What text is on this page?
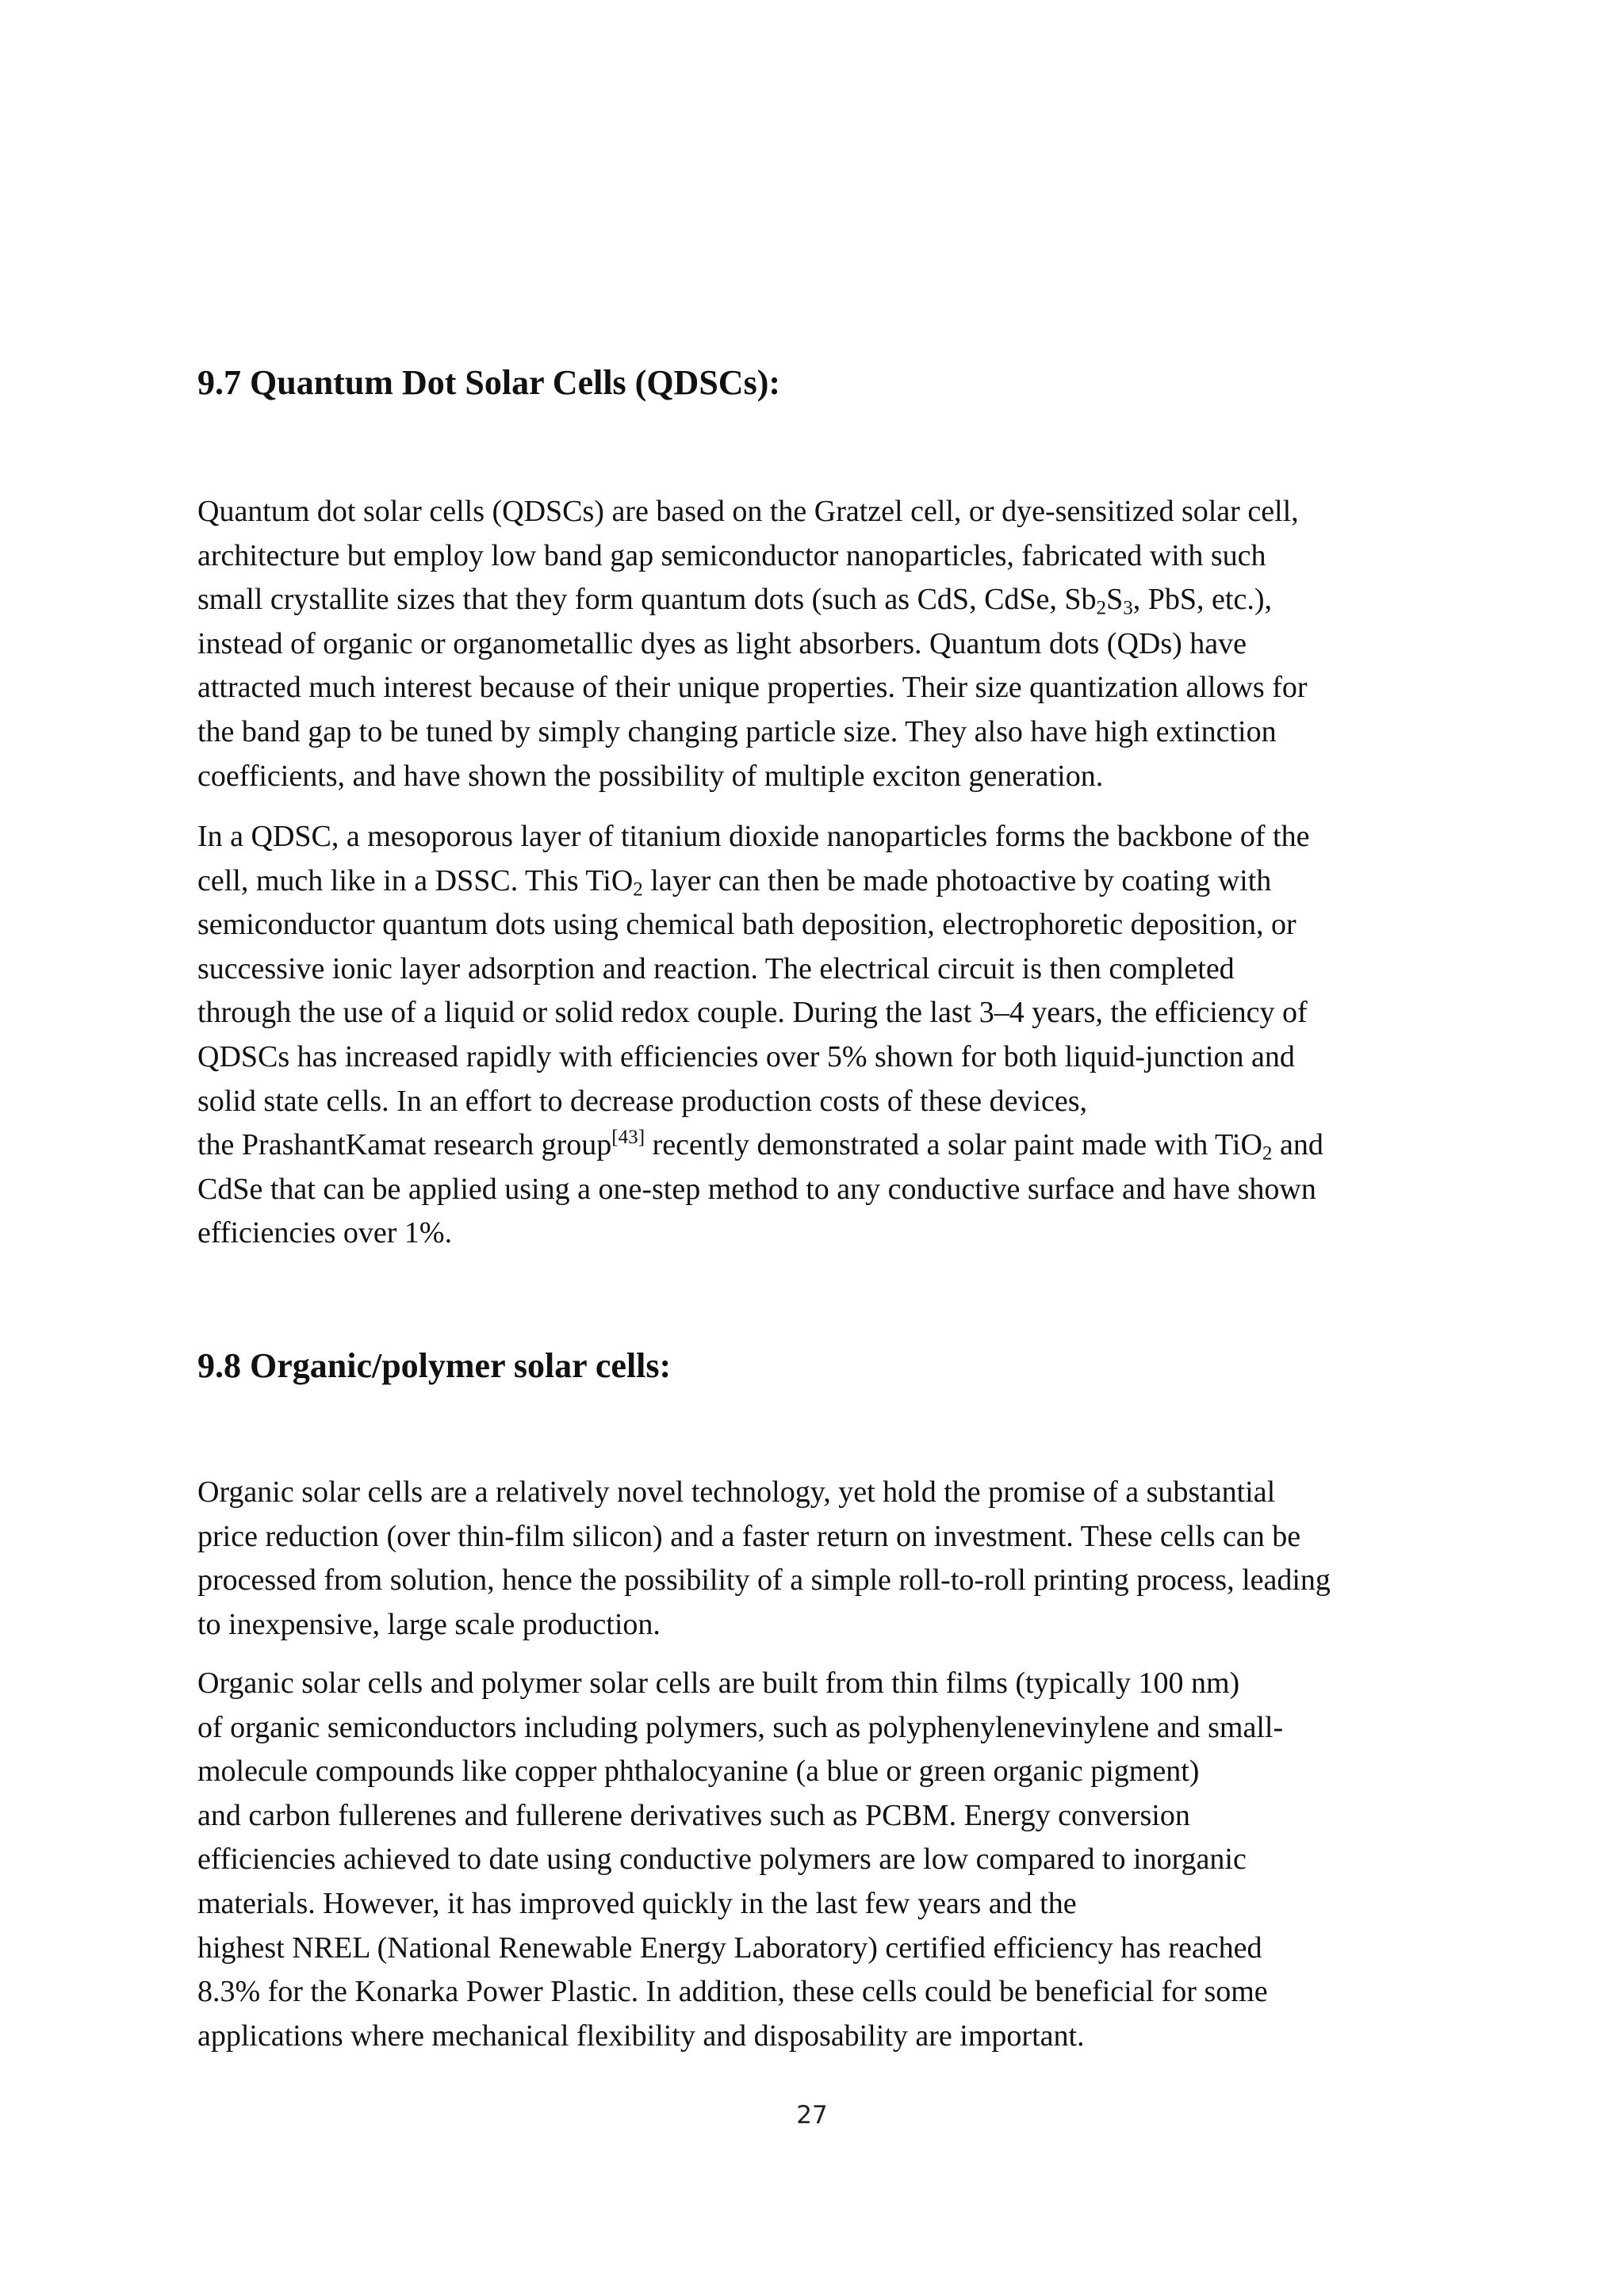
9.7 Quantum Dot Solar Cells (QDSCs):

Quantum dot solar cells (QDSCs) are based on the Gratzel cell, or dye-sensitized solar cell,
architecture but employ low band gap semiconductor nanoparticles, fabricated with such
small crystallite sizes that they form quantum dots (such as CdS, CdSe, $Sb_2S_3$, PbS, etc.),
instead of organic or organometallic dyes as light absorbers. Quantum dots (QDs) have
attracted much interest because of their unique properties. Their size quantization allows for
the band gap to be tuned by simply changing particle size. They also have high extinction
coefficients, and have shown the possibility of multiple exciton generation.

In a QDSC, a mesoporous layer of titanium dioxide nanoparticles forms the backbone of the
cell, much like in a DSSC. This TiO$_2$ layer can then be made photoactive by coating with
semiconductor quantum dots using chemical bath deposition, electrophoretic deposition, or
successive ionic layer adsorption and reaction. The electrical circuit is then completed
through the use of a liquid or solid redox couple. During the last 3–4 years, the efficiency of
QDSCs has increased rapidly with efficiencies over 5% shown for both liquid-junction and
solid state cells. In an effort to decrease production costs of these devices,
the PrashantKamat research group[43] recently demonstrated a solar paint made with TiO$_2$ and
CdSe that can be applied using a one-step method to any conductive surface and have shown
efficiencies over 1%.

9.8 Organic/polymer solar cells:

Organic solar cells are a relatively novel technology, yet hold the promise of a substantial
price reduction (over thin-film silicon) and a faster return on investment. These cells can be
processed from solution, hence the possibility of a simple roll-to-roll printing process, leading
to inexpensive, large scale production.

Organic solar cells and polymer solar cells are built from thin films (typically 100 nm)
of organic semiconductors including polymers, such as polyphenylenevinylene and small-
molecule compounds like copper phthalocyanine (a blue or green organic pigment)
and carbon fullerenes and fullerene derivatives such as PCBM. Energy conversion
efficiencies achieved to date using conductive polymers are low compared to inorganic
materials. However, it has improved quickly in the last few years and the
highest NREL (National Renewable Energy Laboratory) certified efficiency has reached
8.3% for the Konarka Power Plastic. In addition, these cells could be beneficial for some
applications where mechanical flexibility and disposability are important.

27
